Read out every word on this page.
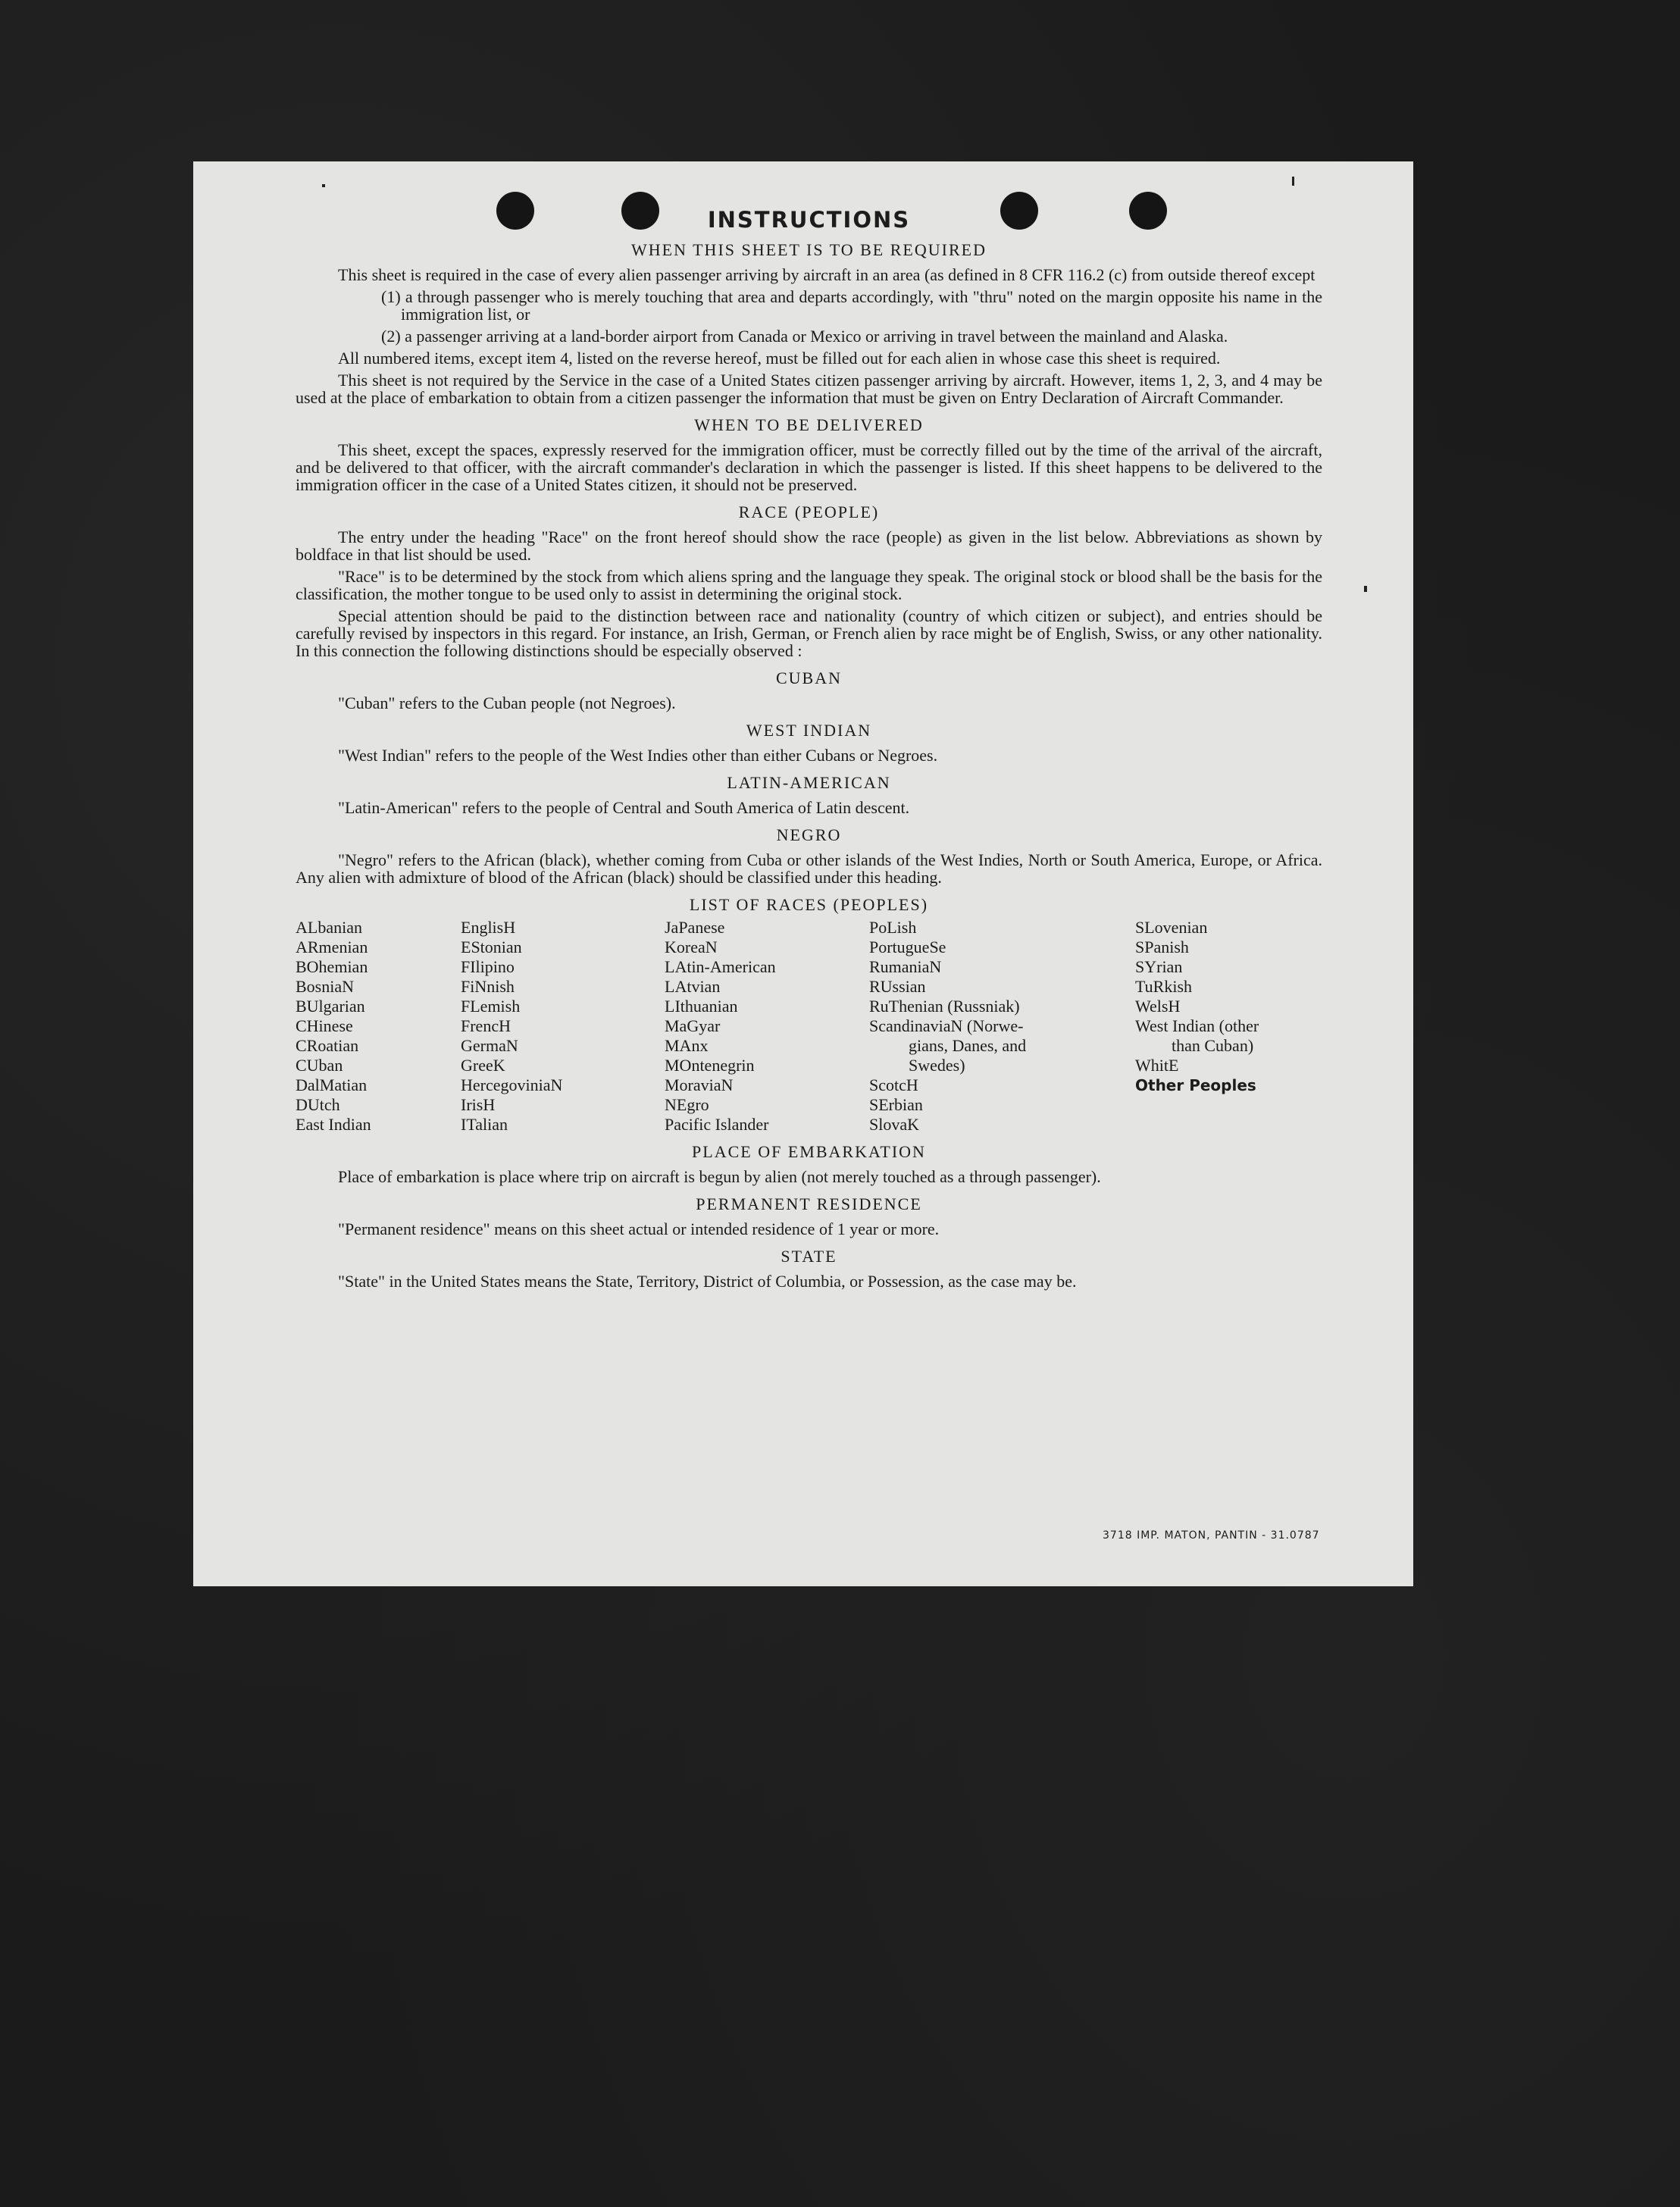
INSTRUCTIONS
WHEN THIS SHEET IS TO BE REQUIRED

This sheet is required in the case of every alien passenger arriving by aircraft in an area (as defined in 8 CFR 116.2 (c) from outside thereof except

(1) a through passenger who is merely touching that area and departs accordingly, with "thru" noted on the margin opposite his name in the immigration list, or

(2) a passenger arriving at a land-border airport from Canada or Mexico or arriving in travel between the mainland and Alaska.

All numbered items, except item 4, listed on the reverse hereof, must be filled out for each alien in whose case this sheet is required.

This sheet is not required by the Service in the case of a United States citizen passenger arriving by aircraft. However, items 1, 2, 3, and 4 may be used at the place of embarkation to obtain from a citizen passenger the information that must be given on Entry Declaration of Aircraft Commander.

WHEN TO BE DELIVERED

This sheet, except the spaces, expressly reserved for the immigration officer, must be correctly filled out by the time of the arrival of the aircraft, and be delivered to that officer, with the aircraft commander's declaration in which the passenger is listed. If this sheet happens to be delivered to the immigration officer in the case of a United States citizen, it should not be preserved.

RACE (PEOPLE)

The entry under the heading "Race" on the front hereof should show the race (people) as given in the list below. Abbreviations as shown by boldface in that list should be used.

"Race" is to be determined by the stock from which aliens spring and the language they speak. The original stock or blood shall be the basis for the classification, the mother tongue to be used only to assist in determining the original stock.

Special attention should be paid to the distinction between race and nationality (country of which citizen or subject), and entries should be carefully revised by inspectors in this regard. For instance, an Irish, German, or French alien by race might be of English, Swiss, or any other nationality. In this connection the following distinctions should be especially observed :

CUBAN

"Cuban" refers to the Cuban people (not Negroes).

WEST INDIAN

"West Indian" refers to the people of the West Indies other than either Cubans or Negroes.

LATIN-AMERICAN

"Latin-American" refers to the people of Central and South America of Latin descent.

NEGRO

"Negro" refers to the African (black), whether coming from Cuba or other islands of the West Indies, North or South America, Europe, or Africa. Any alien with admixture of blood of the African (black) should be classified under this heading.

LIST OF RACES (PEOPLES)
ALbanian
ARmenian
BOhemian
BosniaN
BUlgarian
CHinese
CRoatian
CUban
DalMatian
DUtch
East Indian
EnglisH
EStonian
FIlipino
FiNnish
FLemish
FrencH
GermaN
GreeK
HercegoviniaN
IrisH
ITalian
JaPanese
KoreaN
LAtin-American
LAtvian
LIthuanian
MaGyar
MAnx
MOntenegrin
MoraviaN
NEgro
Pacific Islander
PoLish
PortugueSe
RumaniaN
RUssian
RuThenian (Russniak)
ScandinaviaN (Norwe-
gians, Danes, and
Swedes)
ScotcH
SErbian
SlovaK
SLovenian
SPanish
SYrian
TuRkish
WelsH
West Indian (other
than Cuban)
WhitE
Other Peoples
PLACE OF EMBARKATION

Place of embarkation is place where trip on aircraft is begun by alien (not merely touched as a through passenger).

PERMANENT RESIDENCE

"Permanent residence" means on this sheet actual or intended residence of 1 year or more.

STATE

"State" in the United States means the State, Territory, District of Columbia, or Possession, as the case may be.

3718 IMP. MATON, PANTIN - 31.0787
